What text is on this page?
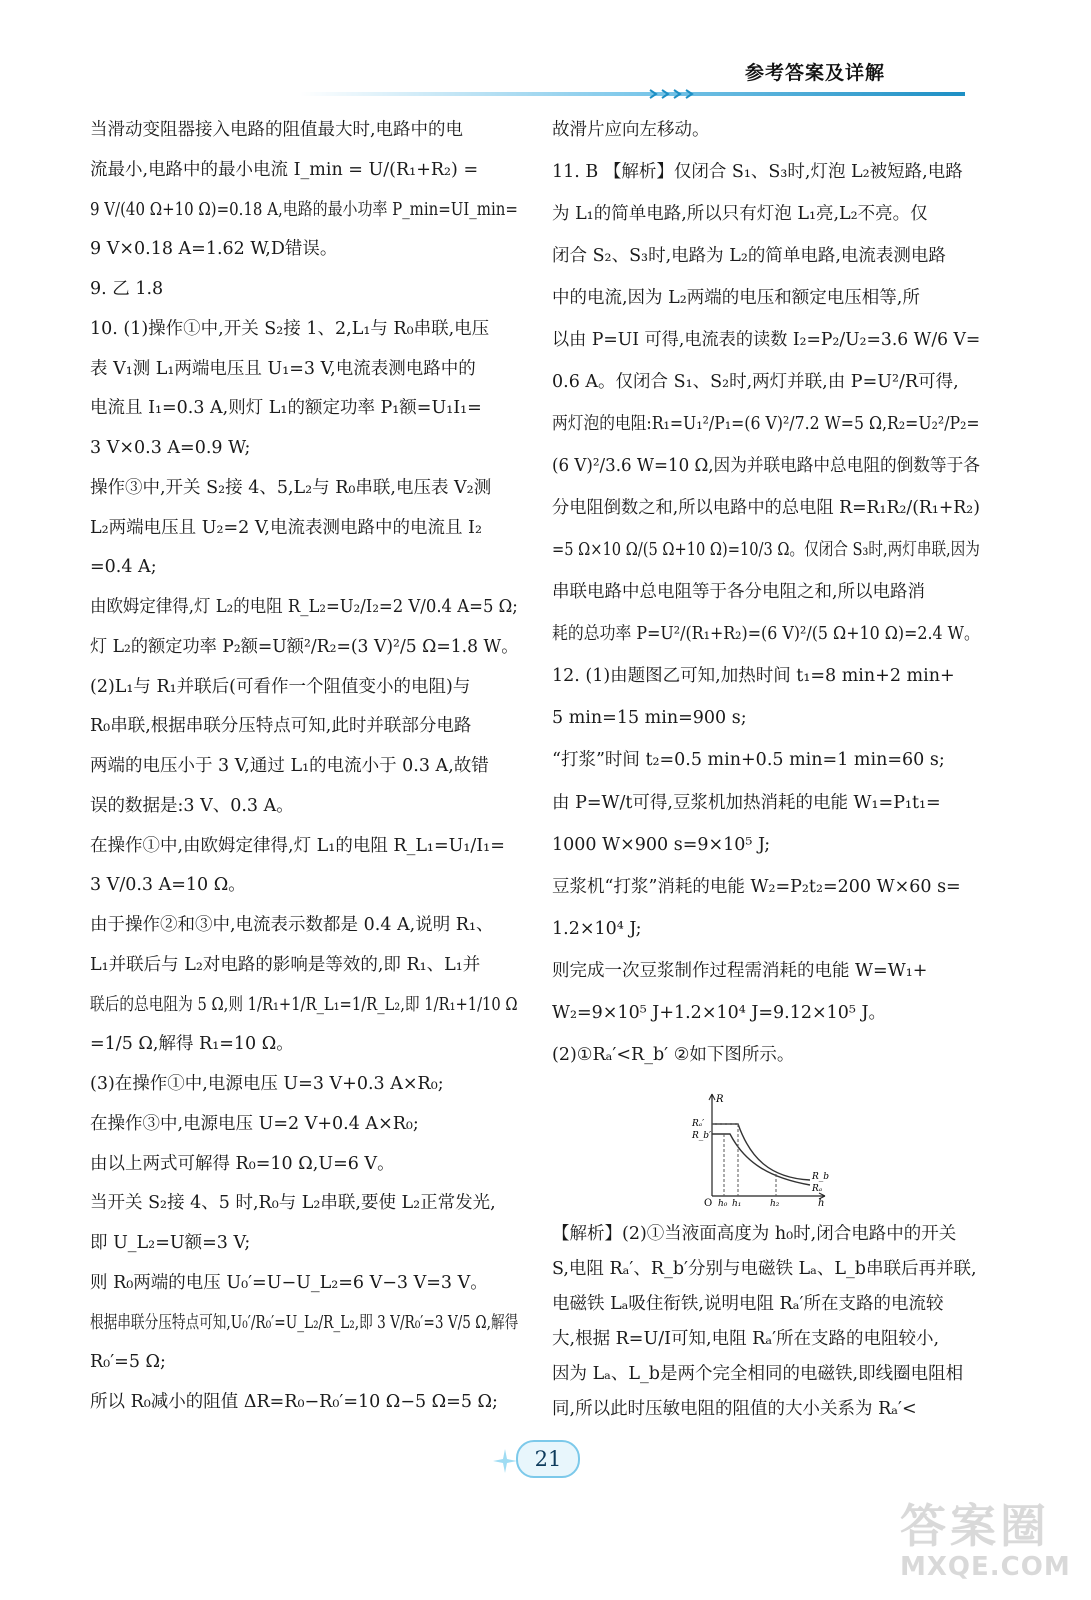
参考答案及详解
当滑动变阻器接入电路的阻值最大时,电路中的电
流最小,电路中的最小电流 I_min = U/(R₁+R₂) =
9 V/(40 Ω+10 Ω)=0.18 A,电路的最小功率 P_min=UI_min=
9 V×0.18 A=1.62 W,D错误。
9. 乙 1.8
10. (1)操作①中,开关 S₂接 1、2,L₁与 R₀串联,电压
表 V₁测 L₁两端电压且 U₁=3 V,电流表测电路中的
电流且 I₁=0.3 A,则灯 L₁的额定功率 P₁额=U₁I₁=
3 V×0.3 A=0.9 W;
操作③中,开关 S₂接 4、5,L₂与 R₀串联,电压表 V₂测
L₂两端电压且 U₂=2 V,电流表测电路中的电流且 I₂
=0.4 A;
由欧姆定律得,灯 L₂的电阻 R_L₂=U₂/I₂=2 V/0.4 A=5 Ω;
灯 L₂的额定功率 P₂额=U额²/R₂=(3 V)²/5 Ω=1.8 W。
(2)L₁与 R₁并联后(可看作一个阻值变小的电阻)与
R₀串联,根据串联分压特点可知,此时并联部分电路
两端的电压小于 3 V,通过 L₁的电流小于 0.3 A,故错
误的数据是:3 V、0.3 A。
在操作①中,由欧姆定律得,灯 L₁的电阻 R_L₁=U₁/I₁=
3 V/0.3 A=10 Ω。
由于操作②和③中,电流表示数都是 0.4 A,说明 R₁、
L₁并联后与 L₂对电路的影响是等效的,即 R₁、L₁并
联后的总电阻为 5 Ω,则 1/R₁+1/R_L₁=1/R_L₂,即 1/R₁+1/10 Ω
=1/5 Ω,解得 R₁=10 Ω。
(3)在操作①中,电源电压 U=3 V+0.3 A×R₀;
在操作③中,电源电压 U=2 V+0.4 A×R₀;
由以上两式可解得 R₀=10 Ω,U=6 V。
当开关 S₂接 4、5 时,R₀与 L₂串联,要使 L₂正常发光,
即 U_L₂=U额=3 V;
则 R₀两端的电压 U₀′=U−U_L₂=6 V−3 V=3 V。
根据串联分压特点可知,U₀′/R₀′=U_L₂/R_L₂,即 3 V/R₀′=3 V/5 Ω,解得
R₀′=5 Ω;
所以 R₀减小的阻值 ΔR=R₀−R₀′=10 Ω−5 Ω=5 Ω;
故滑片应向左移动。
11. B 【解析】仅闭合 S₁、S₃时,灯泡 L₂被短路,电路
为 L₁的简单电路,所以只有灯泡 L₁亮,L₂不亮。仅
闭合 S₂、S₃时,电路为 L₂的简单电路,电流表测电路
中的电流,因为 L₂两端的电压和额定电压相等,所
以由 P=UI 可得,电流表的读数 I₂=P₂/U₂=3.6 W/6 V=
0.6 A。仅闭合 S₁、S₂时,两灯并联,由 P=U²/R可得,
两灯泡的电阻:R₁=U₁²/P₁=(6 V)²/7.2 W=5 Ω,R₂=U₂²/P₂=
(6 V)²/3.6 W=10 Ω,因为并联电路中总电阻的倒数等于各
分电阻倒数之和,所以电路中的总电阻 R=R₁R₂/(R₁+R₂)
=5 Ω×10 Ω/(5 Ω+10 Ω)=10/3 Ω。仅闭合 S₃时,两灯串联,因为
串联电路中总电阻等于各分电阻之和,所以电路消
耗的总功率 P=U²/(R₁+R₂)=(6 V)²/(5 Ω+10 Ω)=2.4 W。
12. (1)由题图乙可知,加热时间 t₁=8 min+2 min+
5 min=15 min=900 s;
“打浆”时间 t₂=0.5 min+0.5 min=1 min=60 s;
由 P=W/t可得,豆浆机加热消耗的电能 W₁=P₁t₁=
1000 W×900 s=9×10⁵ J;
豆浆机“打浆”消耗的电能 W₂=P₂t₂=200 W×60 s=
1.2×10⁴ J;
则完成一次豆浆制作过程需消耗的电能 W=W₁+
W₂=9×10⁵ J+1.2×10⁴ J=9.12×10⁵ J。
(2)①Rₐ′<R_b′ ②如下图所示。
R
h
O
Rₐ′
R_b′
h₀ h₁	h₂
R_b
Rₐ
【解析】(2)①当液面高度为 h₀时,闭合电路中的开关
S,电阻 Rₐ′、R_b′分别与电磁铁 Lₐ、L_b串联后再并联,
电磁铁 Lₐ吸住衔铁,说明电阻 Rₐ′所在支路的电流较
大,根据 R=U/I可知,电阻 Rₐ′所在支路的电阻较小,
因为 Lₐ、L_b是两个完全相同的电磁铁,即线圈电阻相
同,所以此时压敏电阻的阻值的大小关系为 Rₐ′<
21
答案圈
MXQE.COM
